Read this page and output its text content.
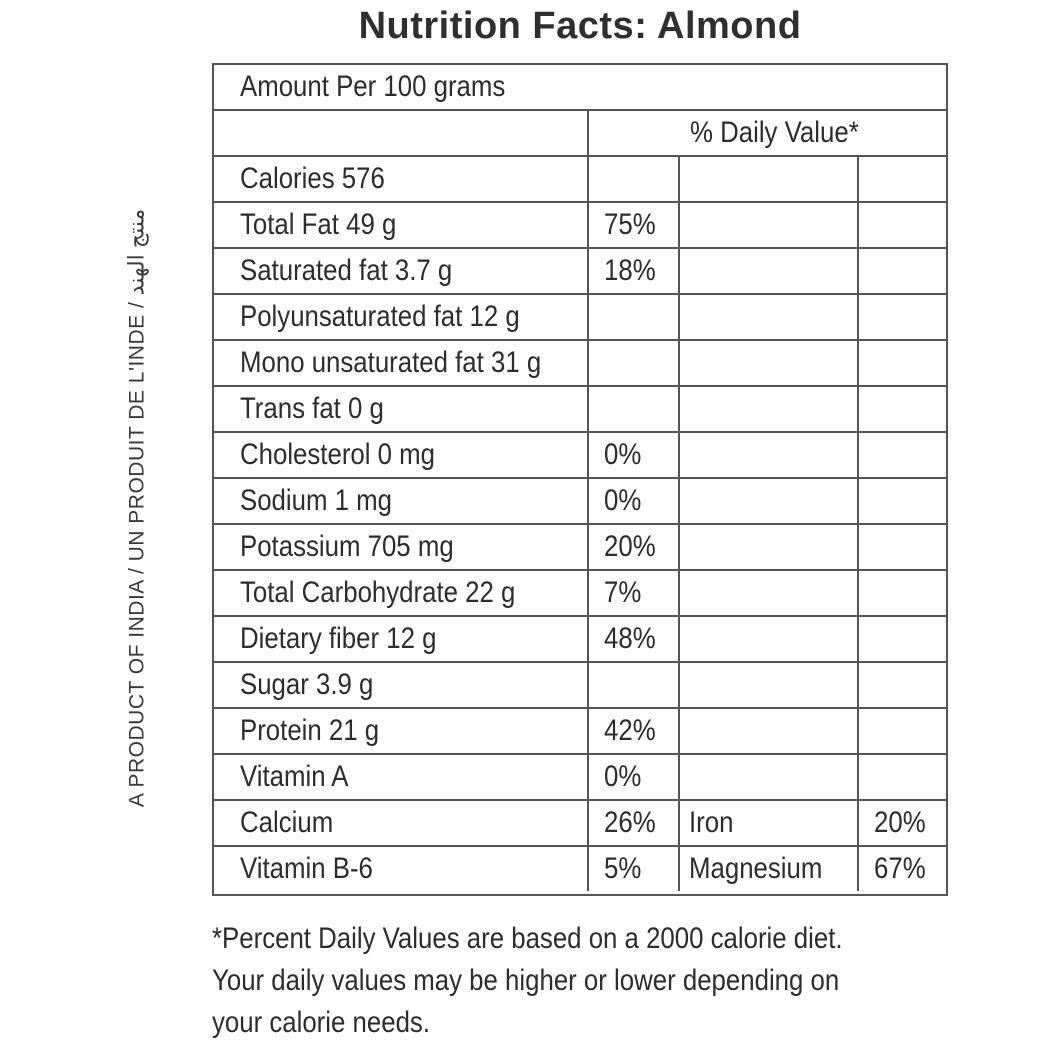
Nutrition Facts: Almond
A PRODUCT OF INDIA / UN PRODUIT DE L'INDE / منتج الهند
Amount Per 100 grams
% Daily Value*
Calories 576
Total Fat 49 g	75%
Saturated fat 3.7 g	18%
Polyunsaturated fat 12 g
Mono unsaturated fat 31 g
Trans fat 0 g
Cholesterol 0 mg	0%
Sodium 1 mg	0%
Potassium 705 mg	20%
Total Carbohydrate 22 g	7%
Dietary fiber 12 g	48%
Sugar 3.9 g
Protein 21 g	42%
Vitamin A	0%
Calcium	26% Iron	20%
Vitamin B-6	5% Magnesium 67%
*Percent Daily Values are based on a 2000 calorie diet. Your daily values may be higher or lower depending on your calorie needs.
